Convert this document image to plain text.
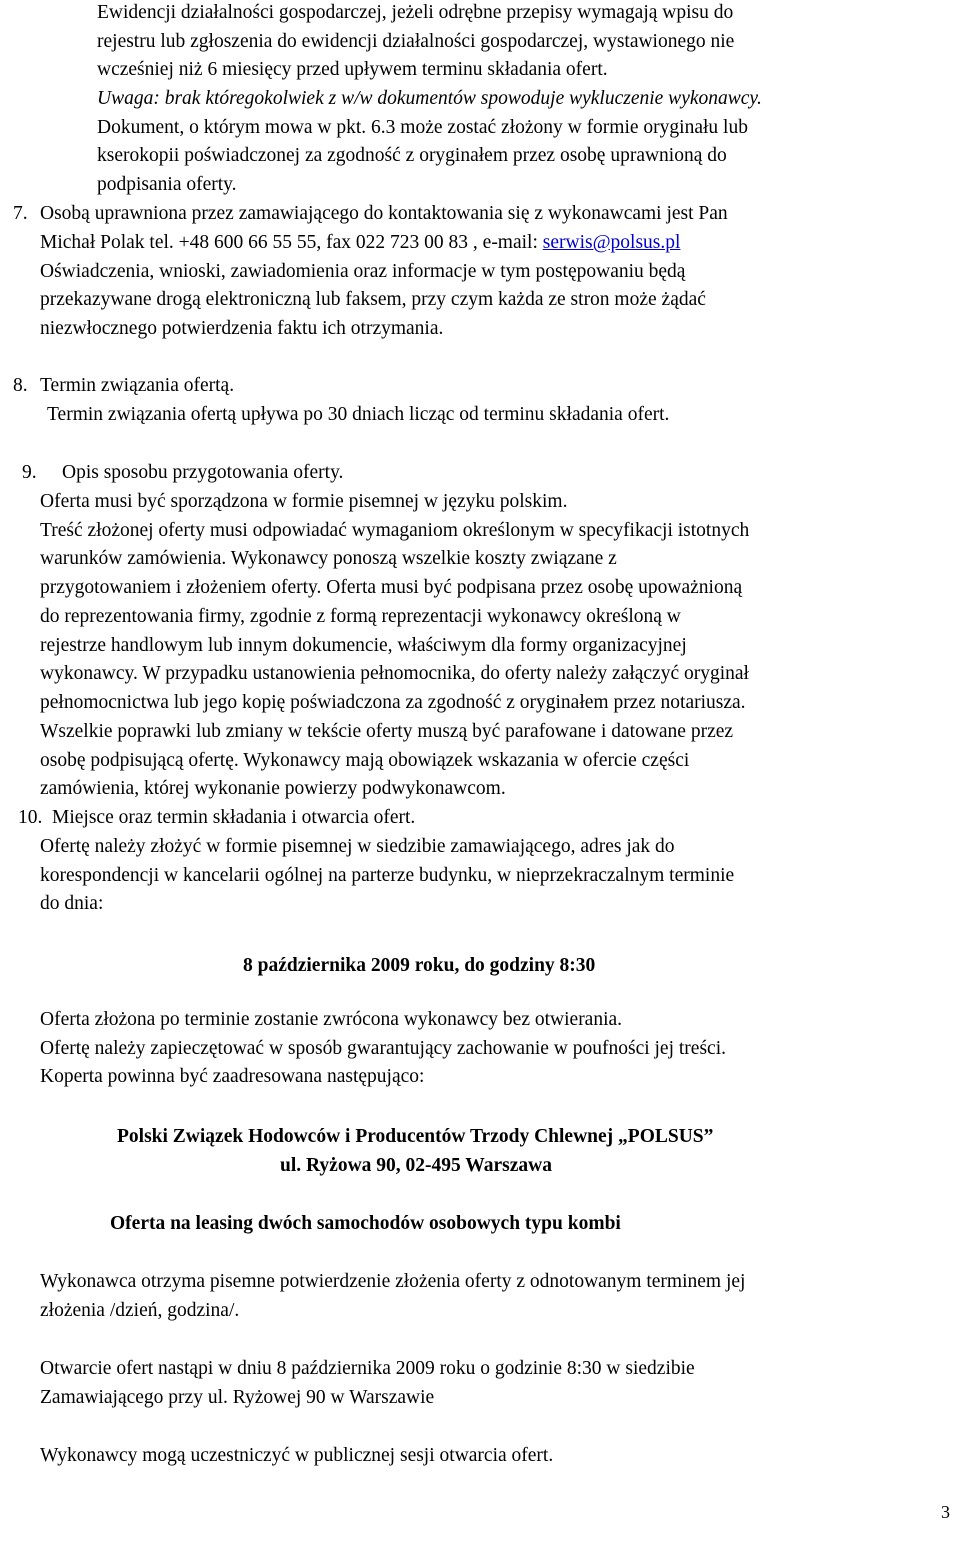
Ewidencji działalności gospodarczej, jeżeli odrębne przepisy wymagają wpisu do
rejestru lub zgłoszenia do ewidencji działalności gospodarczej, wystawionego nie
wcześniej niż 6 miesięcy przed upływem terminu składania ofert.
Uwaga: brak któregokolwiek z w/w dokumentów spowoduje wykluczenie wykonawcy.
Dokument, o którym mowa w pkt. 6.3 może zostać złożony w formie oryginału lub
kserokopii poświadczonej za zgodność z oryginałem przez osobę uprawnioną do
podpisania oferty.
7. Osobą uprawniona przez zamawiającego do kontaktowania się z wykonawcami jest Pan
Michał Polak tel. +48 600 66 55 55, fax 022 723 00 83 , e-mail: serwis@polsus.pl
Oświadczenia, wnioski, zawiadomienia oraz informacje w tym postępowaniu będą
przekazywane drogą elektroniczną lub faksem, przy czym każda ze stron może żądać
niezwłocznego potwierdzenia faktu ich otrzymania.
8. Termin związania ofertą.
Termin związania ofertą upływa po 30 dniach licząc od terminu składania ofert.
9. Opis sposobu przygotowania oferty.
Oferta musi być sporządzona w formie pisemnej w języku polskim.
Treść złożonej oferty musi odpowiadać wymaganiom określonym w specyfikacji istotnych
warunków zamówienia. Wykonawcy ponoszą wszelkie koszty związane z
przygotowaniem i złożeniem oferty. Oferta musi być podpisana przez osobę upoważnioną
do reprezentowania firmy, zgodnie z formą reprezentacji wykonawcy określoną w
rejestrze handlowym lub innym dokumencie, właściwym dla formy organizacyjnej
wykonawcy. W przypadku ustanowienia pełnomocnika, do oferty należy załączyć oryginał
pełnomocnictwa lub jego kopię poświadczona za zgodność z oryginałem przez notariusza.
Wszelkie poprawki lub zmiany w tekście oferty muszą być parafowane i datowane przez
osobę podpisującą ofertę. Wykonawcy mają obowiązek wskazania w ofercie części
zamówienia, której wykonanie powierzy podwykonawcom.
10. Miejsce oraz termin składania i otwarcia ofert.
Ofertę należy złożyć w formie pisemnej w siedzibie zamawiającego, adres jak do
korespondencji w kancelarii ogólnej na parterze budynku, w nieprzekraczalnym terminie
do dnia:
8 października 2009 roku, do godziny 8:30
Oferta złożona po terminie zostanie zwrócona wykonawcy bez otwierania.
Ofertę należy zapieczętować w sposób gwarantujący zachowanie w poufności jej treści.
Koperta powinna być zaadresowana następująco:
Polski Związek Hodowców i Producentów Trzody Chlewnej „POLSUS”
ul. Ryżowa 90, 02-495 Warszawa
Oferta na leasing dwóch samochodów osobowych typu kombi
Wykonawca otrzyma pisemne potwierdzenie złożenia oferty z odnotowanym terminem jej
złożenia /dzień, godzina/.
Otwarcie ofert nastąpi w dniu 8 października 2009 roku o godzinie 8:30 w siedzibie
Zamawiającego przy ul. Ryżowej 90 w Warszawie
Wykonawcy mogą uczestniczyć w publicznej sesji otwarcia ofert.
3
